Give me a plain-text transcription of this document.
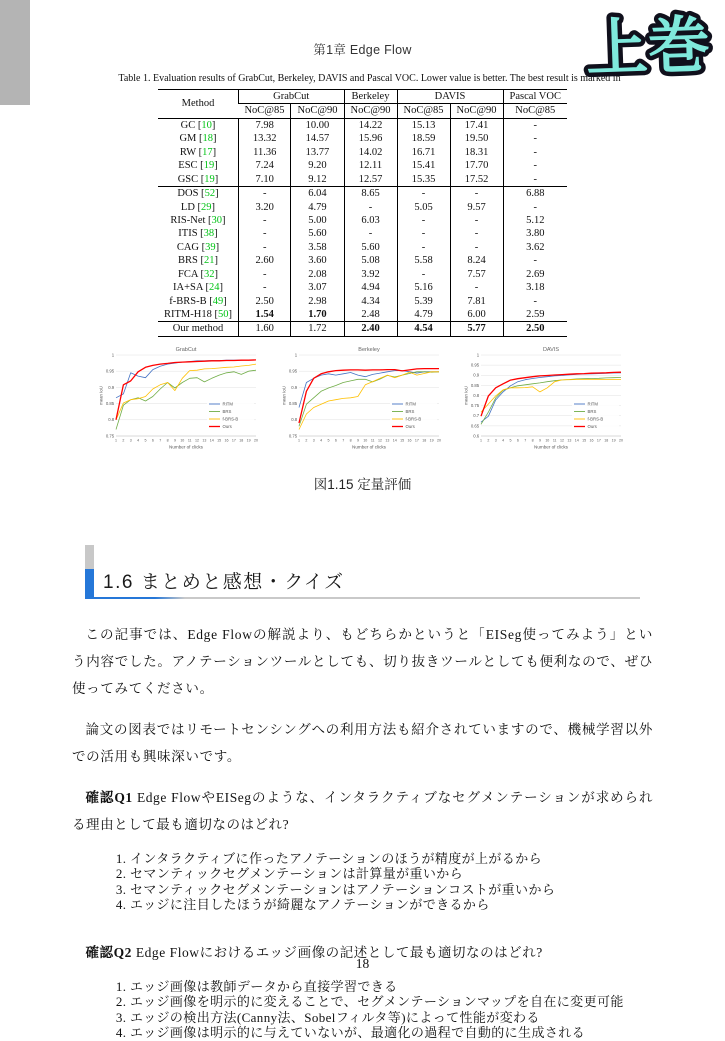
上巻

第1章 Edge Flow

Table 1. Evaluation results of GrabCut, Berkeley, DAVIS and Pascal VOC. Lower value is better. The best result is marked in

Method	GrabCut		Berkeley	DAVIS		Pascal VOC
	NoC@85	NoC@90	NoC@90	NoC@85	NoC@90	NoC@85
GC [10]	7.98	10.00	14.22	15.13	17.41	-
GM [18]	13.32	14.57	15.96	18.59	19.50	-
RW [17]	11.36	13.77	14.02	16.71	18.31	-
ESC [19]	7.24	9.20	12.11	15.41	17.70	-
GSC [19]	7.10	9.12	12.57	15.35	17.52	-
DOS [52]	-	6.04	8.65	-	-	6.88
LD [29]	3.20	4.79	-	5.05	9.57	-
RIS-Net [30]	-	5.00	6.03	-	-	5.12
ITIS [38]	-	5.60	-	-	-	3.80
CAG [39]	-	3.58	5.60	-	-	3.62
BRS [21]	2.60	3.60	5.08	5.58	8.24	-
FCA [32]	-	2.08	3.92	-	7.57	2.69
IA+SA [24]	-	3.07	4.94	5.16	-	3.18
f-BRS-B [49]	2.50	2.98	4.34	5.39	7.81	-
RITM-H18 [50]	1.54	1.70	2.48	4.79	6.00	2.59
Our method	1.60	1.72	2.40	4.54	5.77	2.50
GrabCut
1
0.95
0.9
0.85
0.8
0.75
1 2 3 4 5 6 7 8 9 10 11 12 13 14 15 16 17 18 19 20
Number of clicks
mean IoU	RITM
BRS
f-BRS-B
Ours
Berkeley
1
0.95
0.9
0.85
0.8
0.75
1 2 3 4 5 6 7 8 9 10 11 12 13 14 15 16 17 18 19 20
Number of clicks
mean IoU	RITM
BRS
f-BRS-B
Ours
DAVIS
1
0.95
0.9
0.85
0.8
0.75
0.7
0.65
0.6
1 2 3 4 5 6 7 8 9 10 11 12 13 14 15 16 17 18 19 20
Number of clicks
mean IoU	RITM
BRS
f-BRS-B
Ours

図1.15 定量評価

1.6 まとめと感想・クイズ

この記事では、Edge Flowの解説より、もどちらかというと「EISeg使ってみよう」という内容でした。アノテーションツールとしても、切り抜きツールとしても便利なので、ぜひ使ってみてください。

論文の図表ではリモートセンシングへの利用方法も紹介されていますので、機械学習以外での活用も興味深いです。

確認Q1 Edge FlowやEISegのような、インタラクティブなセグメンテーションが求められる理由として最も適切なのはどれ?

1. インタラクティブに作ったアノテーションのほうが精度が上がるから
2. セマンティックセグメンテーションは計算量が重いから
3. セマンティックセグメンテーションはアノテーションコストが重いから
4. エッジに注目したほうが綺麗なアノテーションができるから

確認Q2 Edge Flowにおけるエッジ画像の記述として最も適切なのはどれ?

1. エッジ画像は教師データから直接学習できる
2. エッジ画像を明示的に変えることで、セグメンテーションマップを自在に変更可能
3. エッジの検出方法(Canny法、Sobelフィルタ等)によって性能が変わる
4. エッジ画像は明示的に与えていないが、最適化の過程で自動的に生成される
18
